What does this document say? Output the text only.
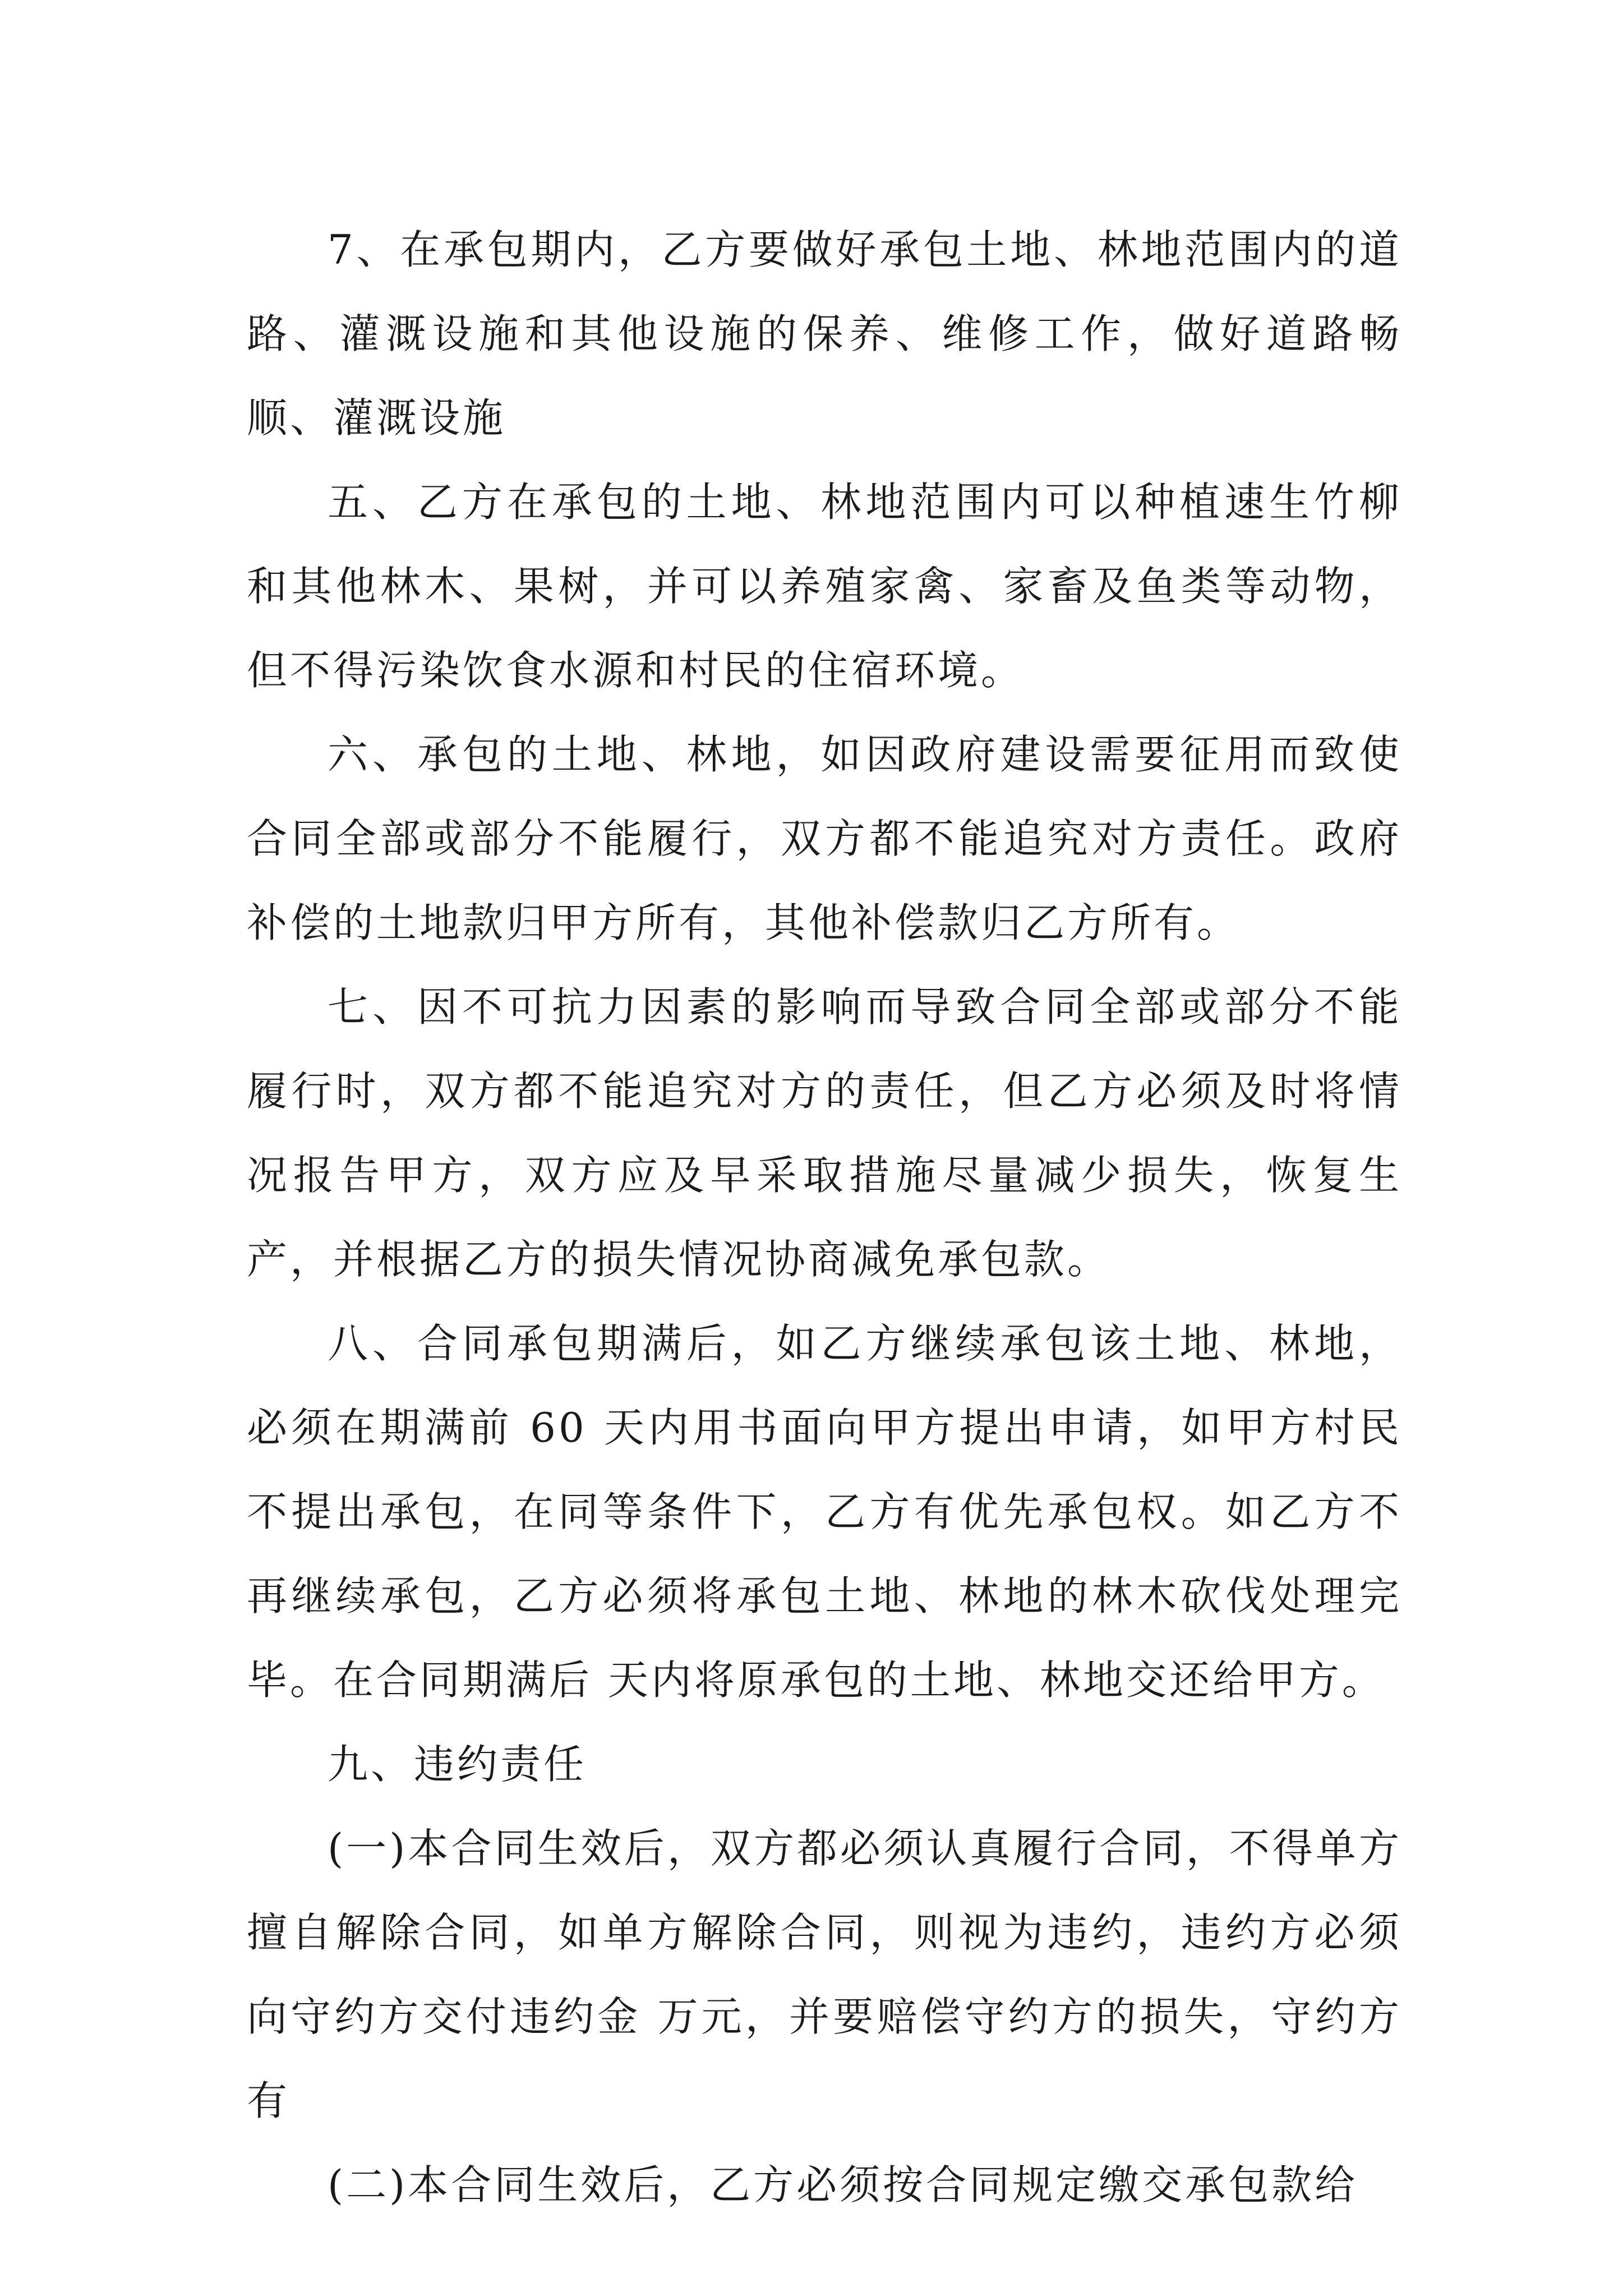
7、在承包期内，乙方要做好承包土地、林地范围内的道路、灌溉设施和其他设施的保养、维修工作，做好道路畅顺、灌溉设施

五、乙方在承包的土地、林地范围内可以种植速生竹柳和其他林木、果树，并可以养殖家禽、家畜及鱼类等动物，但不得污染饮食水源和村民的住宿环境。

六、承包的土地、林地，如因政府建设需要征用而致使合同全部或部分不能履行，双方都不能追究对方责任。政府补偿的土地款归甲方所有，其他补偿款归乙方所有。

七、因不可抗力因素的影响而导致合同全部或部分不能履行时，双方都不能追究对方的责任，但乙方必须及时将情况报告甲方，双方应及早采取措施尽量减少损失，恢复生产，并根据乙方的损失情况协商减免承包款。

八、合同承包期满后，如乙方继续承包该土地、林地，必须在期满前 60 天内用书面向甲方提出申请，如甲方村民不提出承包，在同等条件下，乙方有优先承包权。如乙方不再继续承包，乙方必须将承包土地、林地的林木砍伐处理完毕。在合同期满后 天内将原承包的土地、林地交还给甲方。

九、违约责任

(一)本合同生效后，双方都必须认真履行合同，不得单方擅自解除合同，如单方解除合同，则视为违约，违约方必须向守约方交付违约金 万元，并要赔偿守约方的损失，守约方有

(二)本合同生效后，乙方必须按合同规定缴交承包款给
